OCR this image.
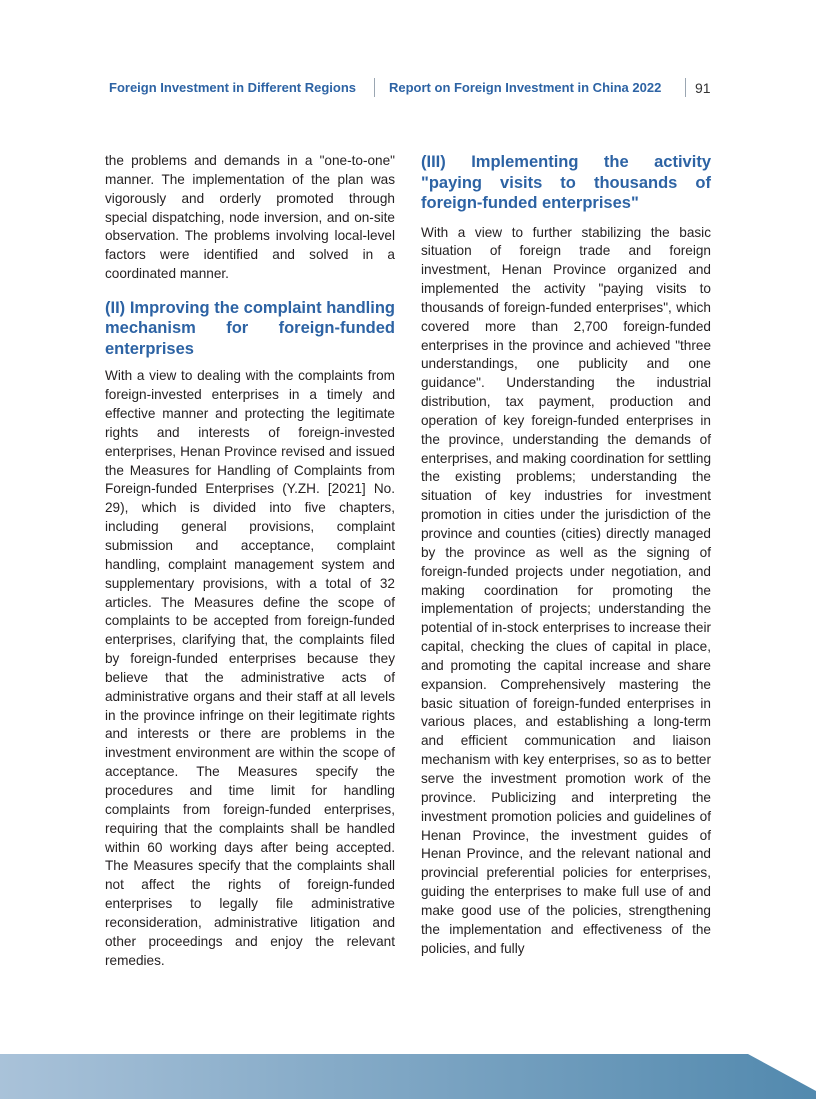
Foreign Investment in Different Regions	Report on Foreign Investment in China 2022 91

the problems and demands in a "one-to-one" manner. The implementation of the plan was vigorously and orderly promoted through special dispatching, node inversion, and on-site observation. The problems involving local-level factors were identified and solved in a coordinated manner.

(II) Improving the complaint handling mechanism for foreign-funded enterprises

With a view to dealing with the complaints from foreign-invested enterprises in a timely and effective manner and protecting the legitimate rights and interests of foreign-invested enterprises, Henan Province revised and issued the Measures for Handling of Complaints from Foreign-funded Enterprises (Y.ZH. [2021] No. 29), which is divided into five chapters, including general provisions, complaint submission and acceptance, complaint handling, complaint management system and supplementary provisions, with a total of 32 articles. The Measures define the scope of complaints to be accepted from foreign-funded enterprises, clarifying that, the complaints filed by foreign-funded enterprises because they believe that the administrative acts of administrative organs and their staff at all levels in the province infringe on their legitimate rights and interests or there are problems in the investment environment are within the scope of acceptance. The Measures specify the procedures and time limit for handling complaints from foreign-funded enterprises, requiring that the complaints shall be handled within 60 working days after being accepted. The Measures specify that the complaints shall not affect the rights of foreign-funded enterprises to legally file administrative reconsideration, administrative litigation and other proceedings and enjoy the relevant remedies.

(III) Implementing the activity "paying visits to thousands of foreign-funded enterprises"

With a view to further stabilizing the basic situation of foreign trade and foreign investment, Henan Province organized and implemented the activity "paying visits to thousands of foreign-funded enterprises", which covered more than 2,700 foreign-funded enterprises in the province and achieved "three understandings, one publicity and one guidance". Understanding the industrial distribution, tax payment, production and operation of key foreign-funded enterprises in the province, understanding the demands of enterprises, and making coordination for settling the existing problems; understanding the situation of key industries for investment promotion in cities under the jurisdiction of the province and counties (cities) directly managed by the province as well as the signing of foreign-funded projects under negotiation, and making coordination for promoting the implementation of projects; understanding the potential of in-stock enterprises to increase their capital, checking the clues of capital in place, and promoting the capital increase and share expansion. Comprehensively mastering the basic situation of foreign-funded enterprises in various places, and establishing a long-term and efficient communication and liaison mechanism with key enterprises, so as to better serve the investment promotion work of the province. Publicizing and interpreting the investment promotion policies and guidelines of Henan Province, the investment guides of Henan Province, and the relevant national and provincial preferential policies for enterprises, guiding the enterprises to make full use of and make good use of the policies, strengthening the implementation and effectiveness of the policies, and fully
